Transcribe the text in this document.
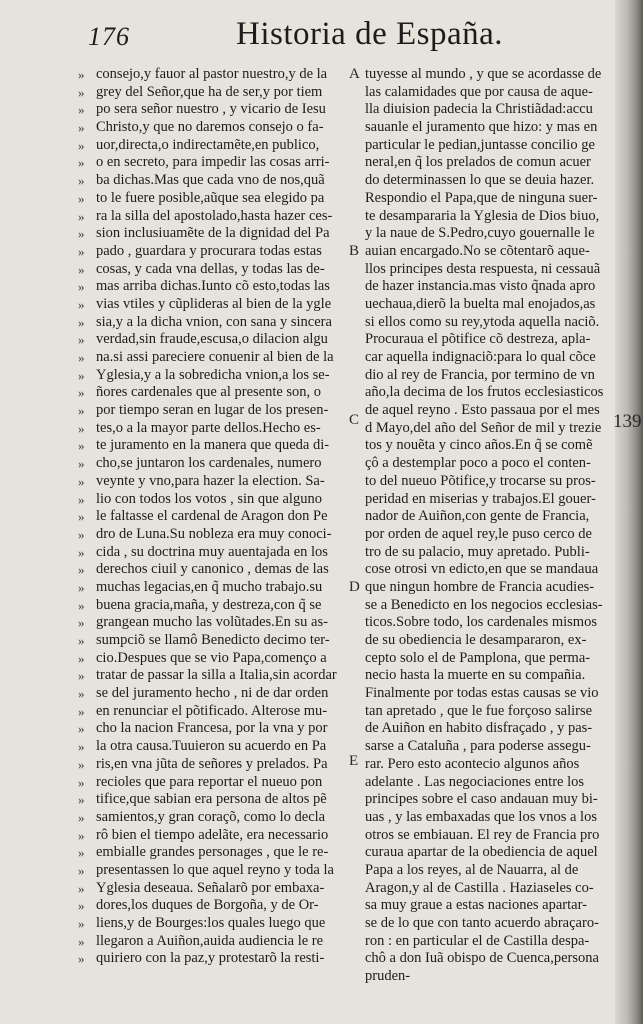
176	Historia de España.
» consejo,y fauor al pastor nuestro,y de la
» grey del Señor,que ha de ser,y por tiem
» po sera señor nuestro , y vicario de Iesu
» Christo,y que no daremos consejo o fa-
» uor,directa,o indirectamẽte,en publico,
» o en secreto, para impedir las cosas arri-
» ba dichas.Mas que cada vno de nos,quã
» to le fuere posible,aũque sea elegido pa
» ra la silla del apostolado,hasta hazer ces-
» sion inclusiuamẽte de la dignidad del Pa
» pado , guardara y procurara todas estas
» cosas, y cada vna dellas, y todas las de-
» mas arriba dichas.Iunto cõ esto,todas las
» vias vtiles y cũplideras al bien de la ygle
» sia,y a la dicha vnion, con sana y sincera
» verdad,sin fraude,escusa,o dilacion algu
» na.si assi pareciere conuenir al bien de la
» Yglesia,y a la sobredicha vnion,a los se-
» ñores cardenales que al presente son, o
» por tiempo seran en lugar de los presen-
» tes,o a la mayor parte dellos.Hecho es-
» te juramento en la manera que queda di-
» cho,se juntaron los cardenales, numero
» veynte y vno,para hazer la election. Sa-
» lio con todos los votos , sin que alguno
» le faltasse el cardenal de Aragon don Pe
» dro de Luna.Su nobleza era muy conoci-
» cida , su doctrina muy auentajada en los
» derechos ciuil y canonico , demas de las
» muchas legacias,en q̃ mucho trabajo.su
» buena gracia,maña, y destreza,con q̃ se
» grangean mucho las volũtades.En su as-
» sumpciõ se llamô Benedicto decimo ter-
» cio.Despues que se vio Papa,començo a
» tratar de passar la silla a Italia,sin acordar
» se del juramento hecho , ni de dar orden
» en renunciar el põtificado. Alterose mu-
» cho la nacion Francesa, por la vna y por
» la otra causa.Tuuieron su acuerdo en Pa
» ris,en vna jũta de señores y prelados. Pa
» recioles que para reportar el nueuo pon
» tifice,que sabian era persona de altos pẽ
» samientos,y gran coraçõ, como lo decla
» rô bien el tiempo adelãte, era necessario
» embialle grandes personages , que le re-
» presentassen lo que aquel reyno y toda la
» Yglesia deseaua. Señalarõ por embaxa-
» dores,los duques de Borgoña, y de Or-
» liens,y de Bourges:los quales luego que
» llegaron a Auiñon,auida audiencia le re
» quiriero con la paz,y protestarõ la resti-
tuyesse al mundo , y que se acordasse de
las calamidades que por causa de aque-
lla diuision padecia la Christiãdad:accu
sauanle el juramento que hizo: y mas en
particular le pedian,juntasse concilio ge
neral,en q̃ los prelados de comun acuer
do determinassen lo que se deuia hazer.
Respondio el Papa,que de ninguna suer-
te desampararia la Yglesia de Dios biuo,
y la naue de S.Pedro,cuyo gouernalle le
auian encargado.No se cõtentarõ aque-
llos principes desta respuesta, ni cessauã
de hazer instancia.mas visto q̃nada apro
uechaua,dierõ la buelta mal enojados,as
si ellos como su rey,ytoda aquella naciõ.
Procuraua el põtifice cõ destreza, apla-
car aquella indignaciõ:para lo qual cõce
dio al rey de Francia, por termino de vn
año,la decima de los frutos ecclesiasticos
de aquel reyno . Esto passaua por el mes
d Mayo,del año del Señor de mil y trezie
tos y nouẽta y cinco años.En q̃ se comẽ
çô a destemplar poco a poco el conten-
to del nueuo Põtifice,y trocarse su pros-
peridad en miserias y trabajos.El gouer-
nador de Auiñon,con gente de Francia,
por orden de aquel rey,le puso cerco de
tro de su palacio, muy apretado. Publi-
cose otrosi vn edicto,en que se mandaua
que ningun hombre de Francia acudies-
se a Benedicto en los negocios ecclesias-
ticos.Sobre todo, los cardenales mismos
de su obediencia le desampararon, ex-
cepto solo el de Pamplona, que perma-
necio hasta la muerte en su compañia.
Finalmente por todas estas causas se vio
tan apretado , que le fue forçoso salirse
de Auiñon en habito disfraçado , y pas-
sarse a Cataluña , para poderse assegu-
rar. Pero esto acontecio algunos años
adelante . Las negociaciones entre los
principes sobre el caso andauan muy bi-
uas , y las embaxadas que los vnos a los
otros se embiauan. El rey de Francia pro
curaua apartar de la obediencia de aquel
Papa a los reyes, al de Nauarra, al de
Aragon,y al de Castilla . Haziaseles co-
sa muy graue a estas naciones apartar-
se de lo que con tanto acuerdo abraçaro-
ron : en particular el de Castilla despa-
chô a don Iuã obispo de Cuenca,persona
pruden-
A
B
C
D
E
139
